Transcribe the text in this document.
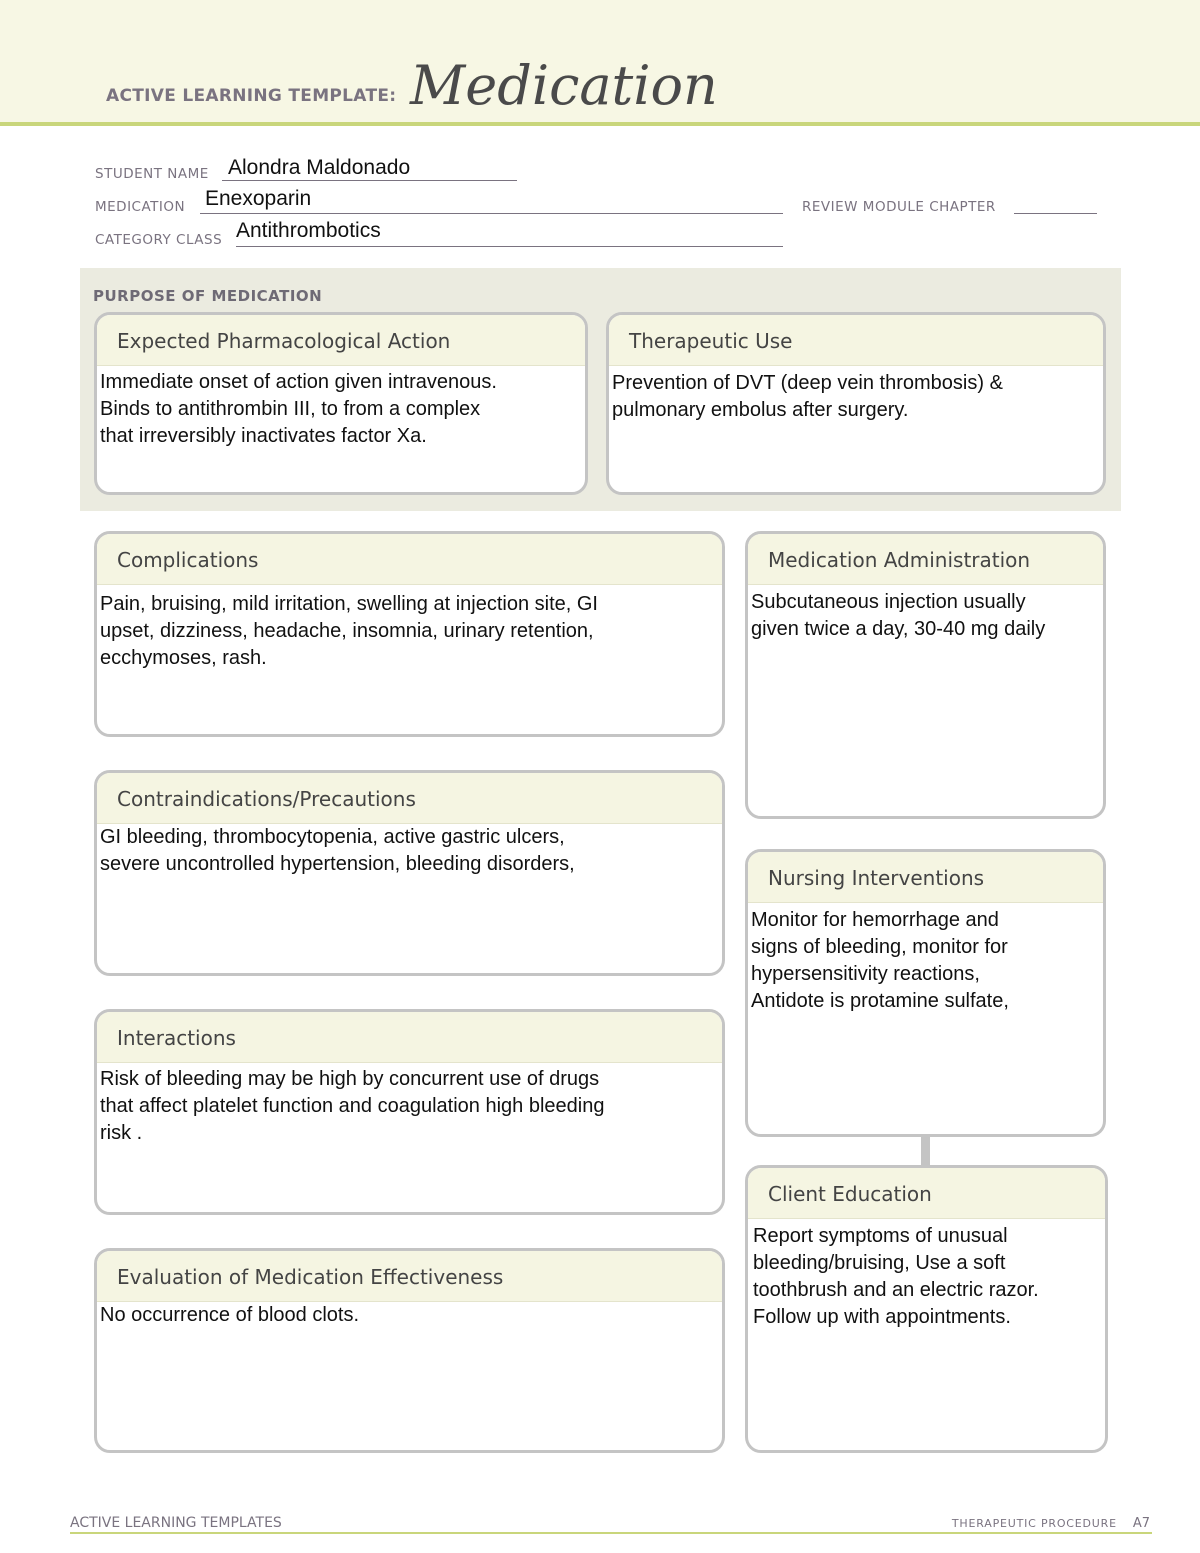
ACTIVE LEARNING TEMPLATE: Medication
STUDENT NAME Alondra Maldonado
MEDICATION Enexoparin	REVIEW MODULE CHAPTER
CATEGORY CLASS Antithrombotics
PURPOSE OF MEDICATION
Expected Pharmacological Action
Immediate onset of action given intravenous.
Binds to antithrombin III, to from a complex
that irreversibly inactivates factor Xa.
Therapeutic Use
Prevention of DVT (deep vein thrombosis) &
pulmonary embolus after surgery.
Complications
Pain, bruising, mild irritation, swelling at injection site, GI
upset, dizziness, headache, insomnia, urinary retention,
ecchymoses, rash.
Contraindications/Precautions
GI bleeding, thrombocytopenia, active gastric ulcers,
severe uncontrolled hypertension, bleeding disorders,
Interactions
Risk of bleeding may be high by concurrent use of drugs
that affect platelet function and coagulation high bleeding
risk .
Evaluation of Medication Effectiveness
No occurrence of blood clots.
Medication Administration
Subcutaneous injection usually
given twice a day, 30-40 mg daily
Nursing Interventions
Monitor for hemorrhage and
signs of bleeding, monitor for
hypersensitivity reactions,
Antidote is protamine sulfate,
Client Education
Report symptoms of unusual
bleeding/bruising, Use a soft
toothbrush and an electric razor.
Follow up with appointments.
ACTIVE LEARNING TEMPLATES	THERAPEUTIC PROCEDURE A7
